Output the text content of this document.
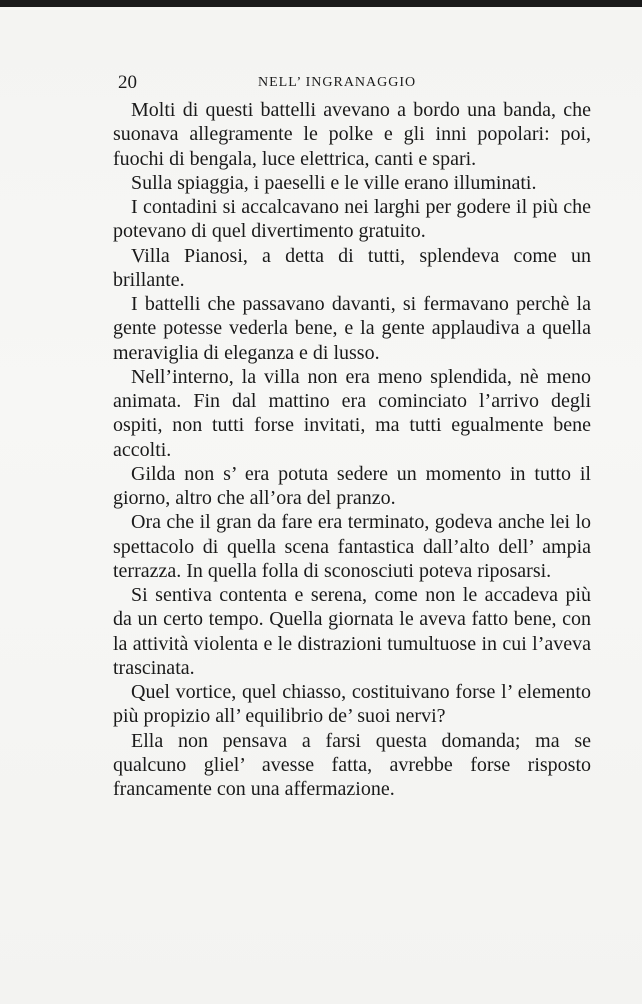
20	NELL’ INGRANAGGIO

Molti di questi battelli avevano a bordo una banda, che suonava allegramente le polke e gli inni popolari: poi, fuochi di bengala, luce elettrica, canti e spari.

Sulla spiaggia, i paeselli e le ville erano illuminati.

I contadini si accalcavano nei larghi per godere il più che potevano di quel divertimento gratuito.

Villa Pianosi, a detta di tutti, splendeva come un brillante.

I battelli che passavano davanti, si fermavano perchè la gente potesse vederla bene, e la gente applaudiva a quella meraviglia di eleganza e di lusso.

Nell’interno, la villa non era meno splendida, nè meno animata. Fin dal mattino era cominciato l’arrivo degli ospiti, non tutti forse invitati, ma tutti egualmente bene accolti.

Gilda non s’ era potuta sedere un momento in tutto il giorno, altro che all’ora del pranzo.

Ora che il gran da fare era terminato, godeva anche lei lo spettacolo di quella scena fantastica dall’alto dell’ ampia terrazza. In quella folla di sconosciuti poteva riposarsi.

Si sentiva contenta e serena, come non le accadeva più da un certo tempo. Quella giornata le aveva fatto bene, con la attività violenta e le distrazioni tumultuose in cui l’aveva trascinata.

Quel vortice, quel chiasso, costituivano forse l’ elemento più propizio all’ equilibrio de’ suoi nervi?

Ella non pensava a farsi questa domanda; ma se qualcuno gliel’ avesse fatta, avrebbe forse risposto francamente con una affermazione.
